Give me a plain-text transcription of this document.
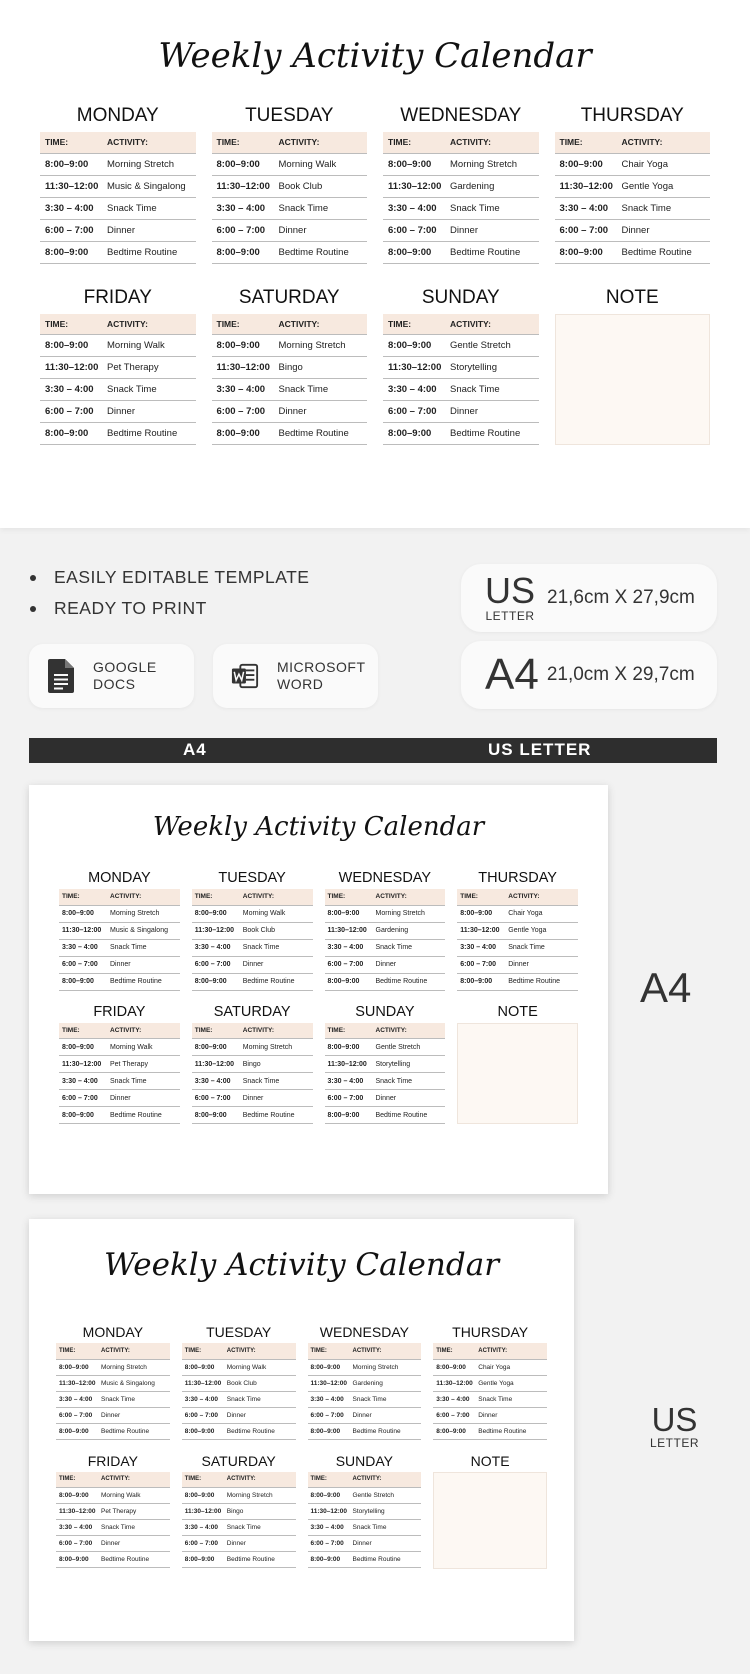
Weekly Activity Calendar
MONDAY
TIME:	ACTIVITY:
8:00–9:00	Morning Stretch
11:30–12:00	Music & Singalong
3:30 – 4:00	Snack Time
6:00 – 7:00	Dinner
8:00–9:00	Bedtime Routine
TUESDAY
TIME:	ACTIVITY:
8:00–9:00	Morning Walk
11:30–12:00	Book Club
3:30 – 4:00	Snack Time
6:00 – 7:00	Dinner
8:00–9:00	Bedtime Routine
WEDNESDAY
TIME:	ACTIVITY:
8:00–9:00	Morning Stretch
11:30–12:00	Gardening
3:30 – 4:00	Snack Time
6:00 – 7:00	Dinner
8:00–9:00	Bedtime Routine
THURSDAY
TIME:	ACTIVITY:
8:00–9:00	Chair Yoga
11:30–12:00	Gentle Yoga
3:30 – 4:00	Snack Time
6:00 – 7:00	Dinner
8:00–9:00	Bedtime Routine
FRIDAY
TIME:	ACTIVITY:
8:00–9:00	Morning Walk
11:30–12:00	Pet Therapy
3:30 – 4:00	Snack Time
6:00 – 7:00	Dinner
8:00–9:00	Bedtime Routine
SATURDAY
TIME:	ACTIVITY:
8:00–9:00	Morning Stretch
11:30–12:00	Bingo
3:30 – 4:00	Snack Time
6:00 – 7:00	Dinner
8:00–9:00	Bedtime Routine
SUNDAY
TIME:	ACTIVITY:
8:00–9:00	Gentle Stretch
11:30–12:00	Storytelling
3:30 – 4:00	Snack Time
6:00 – 7:00	Dinner
8:00–9:00	Bedtime Routine
NOTE
EASILY EDITABLE TEMPLATE
READY TO PRINT
GOOGLE
DOCS
MICROSOFT
WORD
US
LETTER
21,6cm X 27,9cm
A4 21,0cm X 29,7cm
A4	US LETTER
Weekly Activity Calendar
MONDAY
TIME:	ACTIVITY:
8:00–9:00	Morning Stretch
11:30–12:00	Music & Singalong
3:30 – 4:00	Snack Time
6:00 – 7:00	Dinner
8:00–9:00	Bedtime Routine
TUESDAY
TIME:	ACTIVITY:
8:00–9:00	Morning Walk
11:30–12:00	Book Club
3:30 – 4:00	Snack Time
6:00 – 7:00	Dinner
8:00–9:00	Bedtime Routine
WEDNESDAY
TIME:	ACTIVITY:
8:00–9:00	Morning Stretch
11:30–12:00	Gardening
3:30 – 4:00	Snack Time
6:00 – 7:00	Dinner
8:00–9:00	Bedtime Routine
THURSDAY
TIME:	ACTIVITY:
8:00–9:00	Chair Yoga
11:30–12:00	Gentle Yoga
3:30 – 4:00	Snack Time
6:00 – 7:00	Dinner
8:00–9:00	Bedtime Routine
FRIDAY
TIME:	ACTIVITY:
8:00–9:00	Morning Walk
11:30–12:00	Pet Therapy
3:30 – 4:00	Snack Time
6:00 – 7:00	Dinner
8:00–9:00	Bedtime Routine
SATURDAY
TIME:	ACTIVITY:
8:00–9:00	Morning Stretch
11:30–12:00	Bingo
3:30 – 4:00	Snack Time
6:00 – 7:00	Dinner
8:00–9:00	Bedtime Routine
SUNDAY
TIME:	ACTIVITY:
8:00–9:00	Gentle Stretch
11:30–12:00	Storytelling
3:30 – 4:00	Snack Time
6:00 – 7:00	Dinner
8:00–9:00	Bedtime Routine
NOTE
A4
Weekly Activity Calendar
MONDAY
TIME:	ACTIVITY:
8:00–9:00	Morning Stretch
11:30–12:00	Music & Singalong
3:30 – 4:00	Snack Time
6:00 – 7:00	Dinner
8:00–9:00	Bedtime Routine
TUESDAY
TIME:	ACTIVITY:
8:00–9:00	Morning Walk
11:30–12:00	Book Club
3:30 – 4:00	Snack Time
6:00 – 7:00	Dinner
8:00–9:00	Bedtime Routine
WEDNESDAY
TIME:	ACTIVITY:
8:00–9:00	Morning Stretch
11:30–12:00	Gardening
3:30 – 4:00	Snack Time
6:00 – 7:00	Dinner
8:00–9:00	Bedtime Routine
THURSDAY
TIME:	ACTIVITY:
8:00–9:00	Chair Yoga
11:30–12:00	Gentle Yoga
3:30 – 4:00	Snack Time
6:00 – 7:00	Dinner
8:00–9:00	Bedtime Routine
FRIDAY
TIME:	ACTIVITY:
8:00–9:00	Morning Walk
11:30–12:00	Pet Therapy
3:30 – 4:00	Snack Time
6:00 – 7:00	Dinner
8:00–9:00	Bedtime Routine
SATURDAY
TIME:	ACTIVITY:
8:00–9:00	Morning Stretch
11:30–12:00	Bingo
3:30 – 4:00	Snack Time
6:00 – 7:00	Dinner
8:00–9:00	Bedtime Routine
SUNDAY
TIME:	ACTIVITY:
8:00–9:00	Gentle Stretch
11:30–12:00	Storytelling
3:30 – 4:00	Snack Time
6:00 – 7:00	Dinner
8:00–9:00	Bedtime Routine
NOTE
US
LETTER
